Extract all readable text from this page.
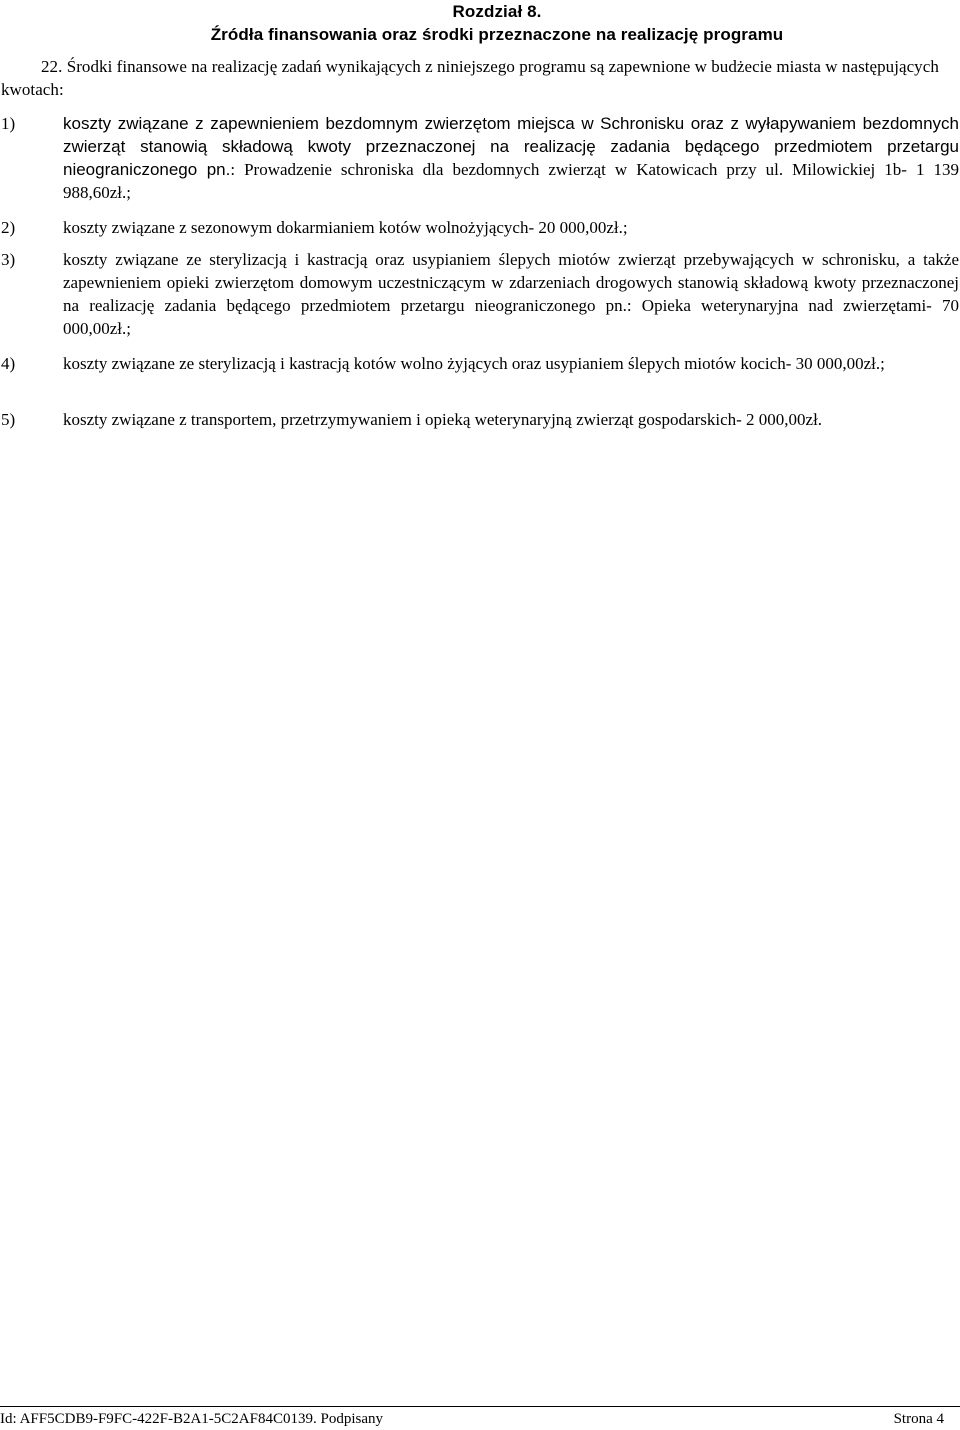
Rozdział 8.
Źródła finansowania oraz środki przeznaczone na realizację programu
22. Środki finansowe na realizację zadań wynikających z niniejszego programu są zapewnione w budżecie miasta w następujących kwotach:
1)	koszty związane z zapewnieniem bezdomnym zwierzętom miejsca w Schronisku oraz z wyłapywaniem bezdomnych zwierząt stanowią składową kwoty przeznaczonej na realizację zadania będącego przedmiotem przetargu nieograniczonego pn.: Prowadzenie schroniska dla bezdomnych zwierząt w Katowicach przy ul. Milowickiej 1b- 1 139 988,60zł.;
2)	koszty związane z sezonowym dokarmianiem kotów wolnożyjących- 20 000,00zł.;
3)	koszty związane ze sterylizacją i kastracją oraz usypianiem ślepych miotów zwierząt przebywających w schronisku, a także zapewnieniem opieki zwierzętom domowym uczestniczącym w zdarzeniach drogowych stanowią składową kwoty przeznaczonej na realizację zadania będącego przedmiotem przetargu nieograniczonego pn.: Opieka weterynaryjna nad zwierzętami- 70 000,00zł.;
4)	koszty związane ze sterylizacją i kastracją kotów wolno żyjących oraz usypianiem ślepych miotów kocich- 30 000,00zł.;
5)	koszty związane z transportem, przetrzymywaniem i opieką weterynaryjną zwierząt gospodarskich- 2 000,00zł.
Id: AFF5CDB9-F9FC-422F-B2A1-5C2AF84C0139. Podpisany	Strona 4
